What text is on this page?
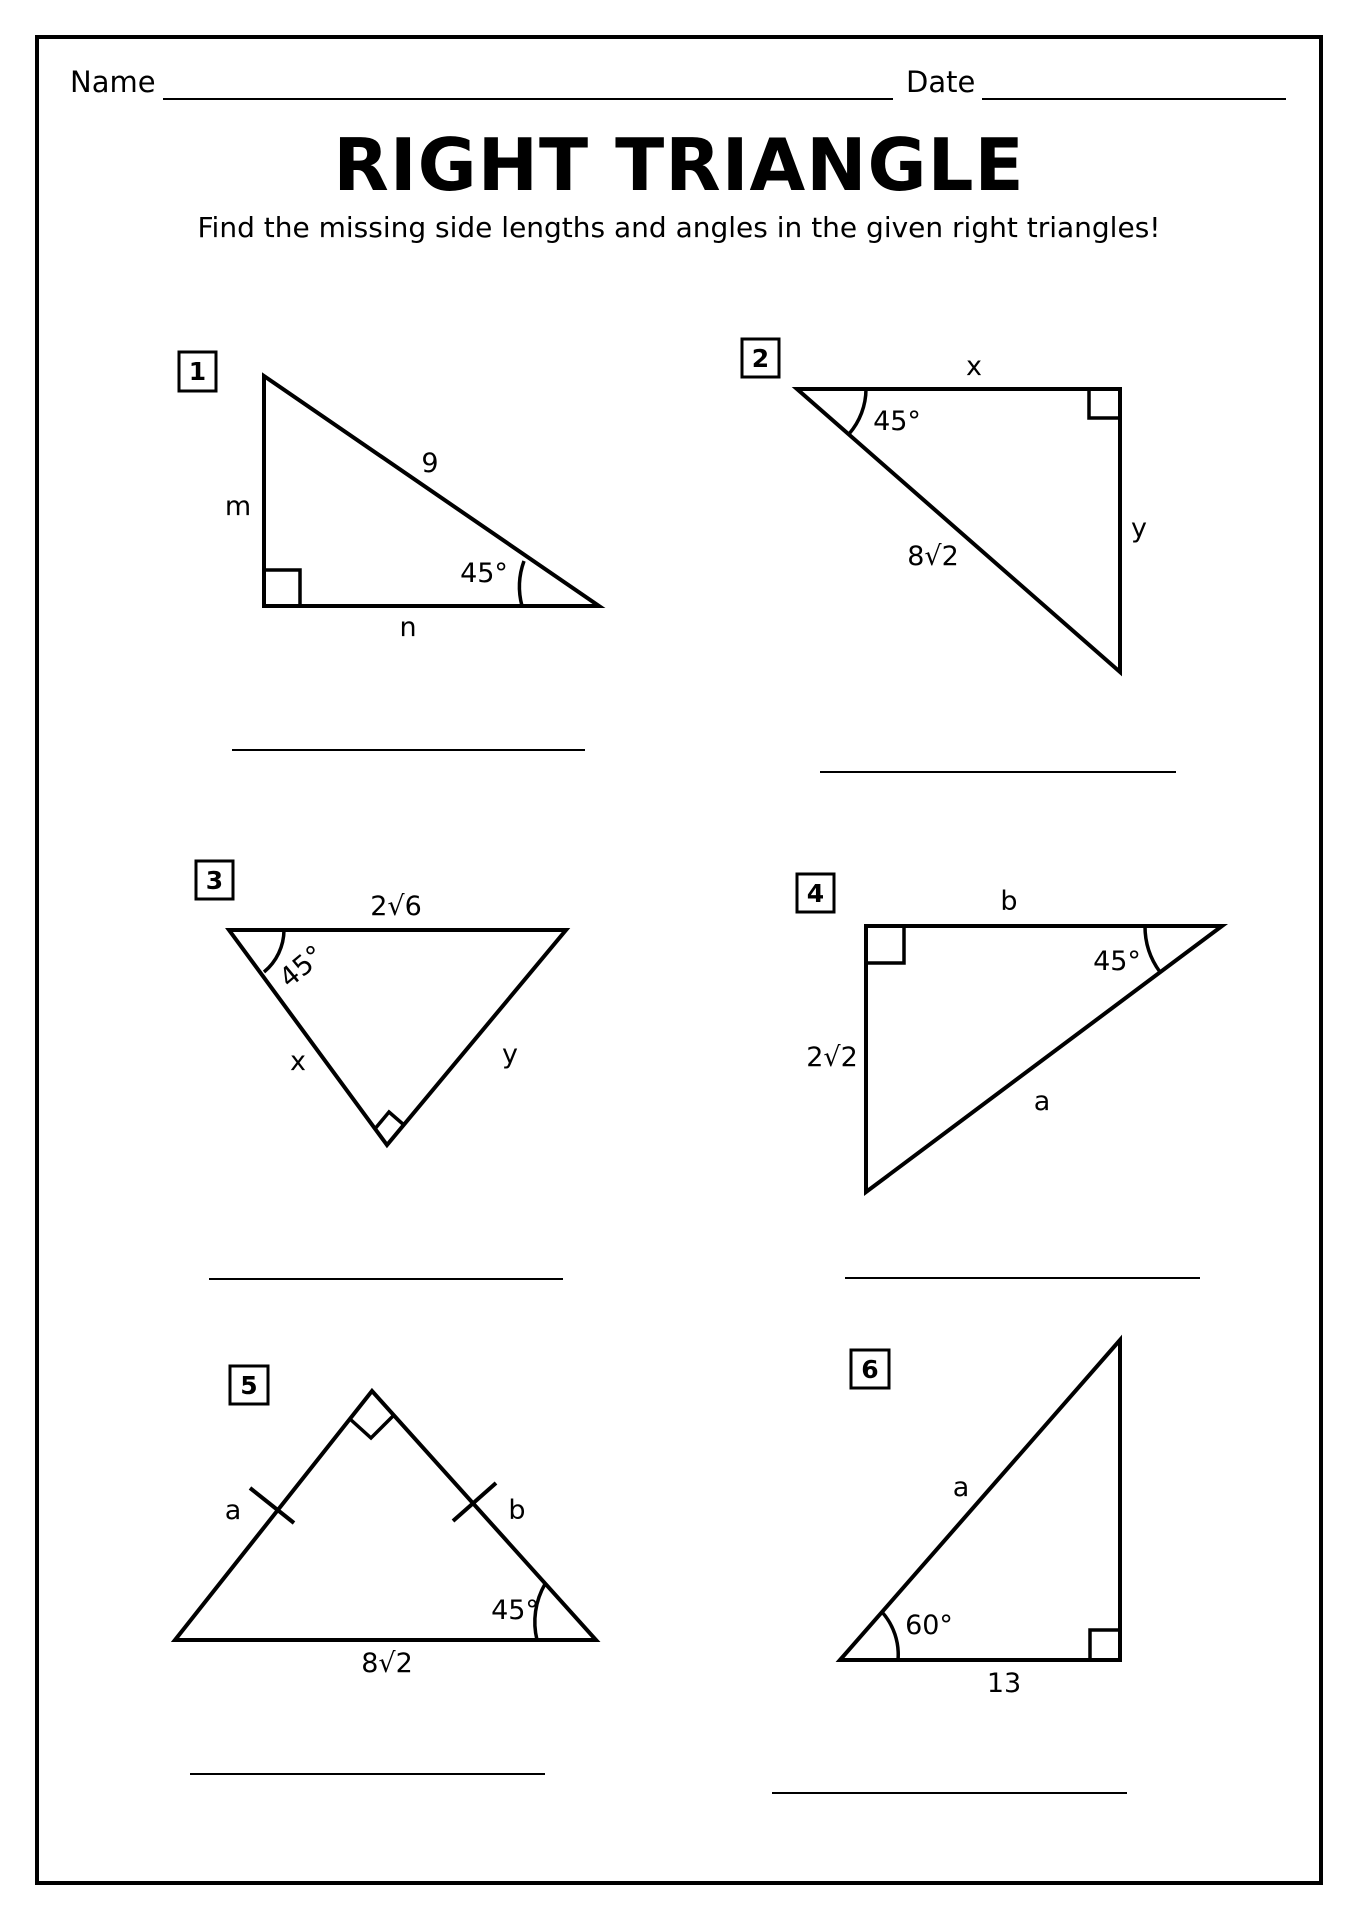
Name	Date
RIGHT TRIANGLE
Find the missing side lengths and angles in the given right triangles!
1	2
3	4
5
6
9
m
n
45°
x
y
8√2
45°
2√6
x	y
45°
b
2√2
a
45°
a	b
8√2
45°
a
13
60°
